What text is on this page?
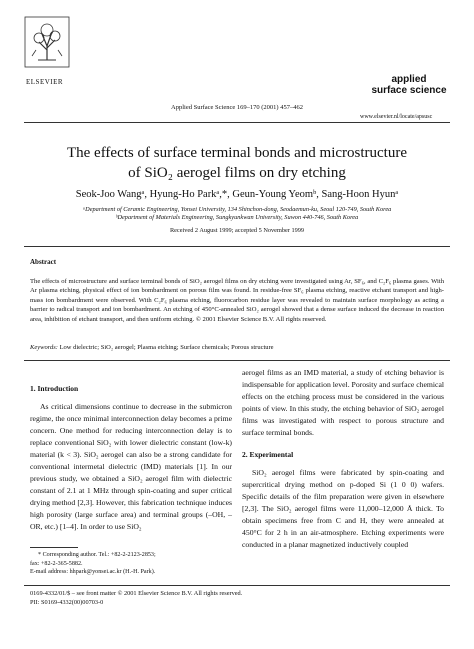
ELSEVIER
Applied Surface Science 169–170 (2001) 457–462
applied
surface science
www.elsevier.nl/locate/apsusc
The effects of surface terminal bonds and microstructure
of SiO₂ aerogel films on dry etching
Seok-Joo Wangᵃ, Hyung-Ho Parkᵃ,*, Geun-Young Yeomᵇ, Sang-Hoon Hyunᵃ
ᵃDepartment of Ceramic Engineering, Yonsei University, 134 Shinchon-dong, Seodaemun-ku, Seoul 120-749, South Korea
ᵇDepartment of Materials Engineering, Sungkyunkwan University, Suwon 440-746, South Korea
Received 2 August 1999; accepted 5 November 1999
Abstract
The effects of microstructure and surface terminal bonds of SiO₂ aerogel films on dry etching were investigated using Ar, SF₆, and C₂F₆ plasma gases. With Ar plasma etching, physical effect of ion bombardment on porous film was found. In residue-free SF₆ plasma etching, reactive etchant transport and high-mass ion bombardment were observed. With C₂F₆ plasma etching, fluorocarbon residue layer was revealed to maintain surface morphology as acting a barrier to radical transport and ion bombardment. An etching of 450°C-annealed SiO₂ aerogel showed that a dense surface induced the decrease in reaction area, inhibition of etchant transport, and then uniform etching. © 2001 Elsevier Science B.V. All rights reserved.
Keywords: Low dielectric; SiO₂ aerogel; Plasma etching; Surface chemicals; Porous structure
1. Introduction

As critical dimensions continue to decrease in the submicron regime, the once minimal interconnection delay becomes a prime concern. One method for reducing interconnection delay is to replace conventional SiO₂ with lower dielectric constant (low-k) material (k < 3). SiO₂ aerogel can also be a strong candidate for conventional intermetal dielectric (IMD) materials [1]. In our previous study, we obtained a SiO₂ aerogel film with dielectric constant of 2.1 at 1 MHz through spin-coating and super critical drying method [2,3]. However, this fabrication technique induces high porosity (large surface area) and terminal groups (–OH, –OR, etc.) [1–4]. In order to use SiO₂

aerogel films as an IMD material, a study of etching behavior is indispensable for application level. Porosity and surface chemical effects on the etching process must be considered in the various points of view. In this study, the etching behavior of SiO₂ aerogel films was investigated with respect to porous structure and surface terminal bonds.

2. Experimental

SiO₂ aerogel films were fabricated by spin-coating and supercritical drying method on p-doped Si (1 0 0) wafers. Specific details of the film preparation were given in elsewhere [2,3]. The SiO₂ aerogel films were 11,000–12,000 Å thick. To obtain specimens free from C and H, they were annealed at 450°C for 2 h in an air-atmosphere. Etching experiments were conducted in a planar magnetized inductively coupled

* Corresponding author. Tel.: +82-2-2123-2853;
fax: +82-2-365-5882.
E-mail address: hhpark@yonsei.ac.kr (H.-H. Park).
0169-4332/01/$ – see front matter © 2001 Elsevier Science B.V. All rights reserved.
PII: S0169-4332(00)00703-0
